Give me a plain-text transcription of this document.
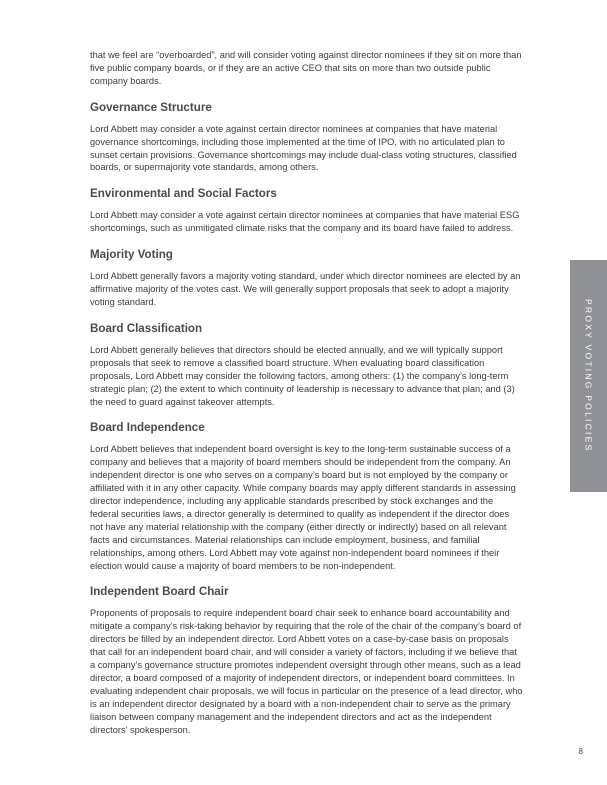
that we feel are “overboarded”, and will consider voting against director nominees if they sit on more than five public company boards, or if they are an active CEO that sits on more than two outside public company boards.

Governance Structure

Lord Abbett may consider a vote against certain director nominees at companies that have material governance shortcomings, including those implemented at the time of IPO, with no articulated plan to sunset certain provisions. Governance shortcomings may include dual-class voting structures, classified boards, or supermajority vote standards, among others.

Environmental and Social Factors

Lord Abbett may consider a vote against certain director nominees at companies that have material ESG shortcomings, such as unmitigated climate risks that the company and its board have failed to address.

Majority Voting

Lord Abbett generally favors a majority voting standard, under which director nominees are elected by an affirmative majority of the votes cast. We will generally support proposals that seek to adopt a majority voting standard.

Board Classification

Lord Abbett generally believes that directors should be elected annually, and we will typically support proposals that seek to remove a classified board structure. When evaluating board classification proposals, Lord Abbett may consider the following factors, among others: (1) the company’s long-term strategic plan; (2) the extent to which continuity of leadership is necessary to advance that plan; and (3) the need to guard against takeover attempts.

Board Independence

Lord Abbett believes that independent board oversight is key to the long-term sustainable success of a company and believes that a majority of board members should be independent from the company. An independent director is one who serves on a company’s board but is not employed by the company or affiliated with it in any other capacity. While company boards may apply different standards in assessing director independence, including any applicable standards prescribed by stock exchanges and the federal securities laws, a director generally is determined to qualify as independent if the director does not have any material relationship with the company (either directly or indirectly) based on all relevant facts and circumstances. Material relationships can include employment, business, and familial relationships, among others. Lord Abbett may vote against non-independent board nominees if their election would cause a majority of board members to be non-independent.

Independent Board Chair

Proponents of proposals to require independent board chair seek to enhance board accountability and mitigate a company’s risk-taking behavior by requiring that the role of the chair of the company’s board of directors be filled by an independent director. Lord Abbett votes on a case-by-case basis on proposals that call for an independent board chair, and will consider a variety of factors, including if we believe that a company’s governance structure promotes independent oversight through other means, such as a lead director, a board composed of a majority of independent directors, or independent board committees. In evaluating independent chair proposals, we will focus in particular on the presence of a lead director, who is an independent director designated by a board with a non-independent chair to serve as the primary liaison between company management and the independent directors and act as the independent directors’ spokesperson.

PROXY VOTING POLICIES
8
